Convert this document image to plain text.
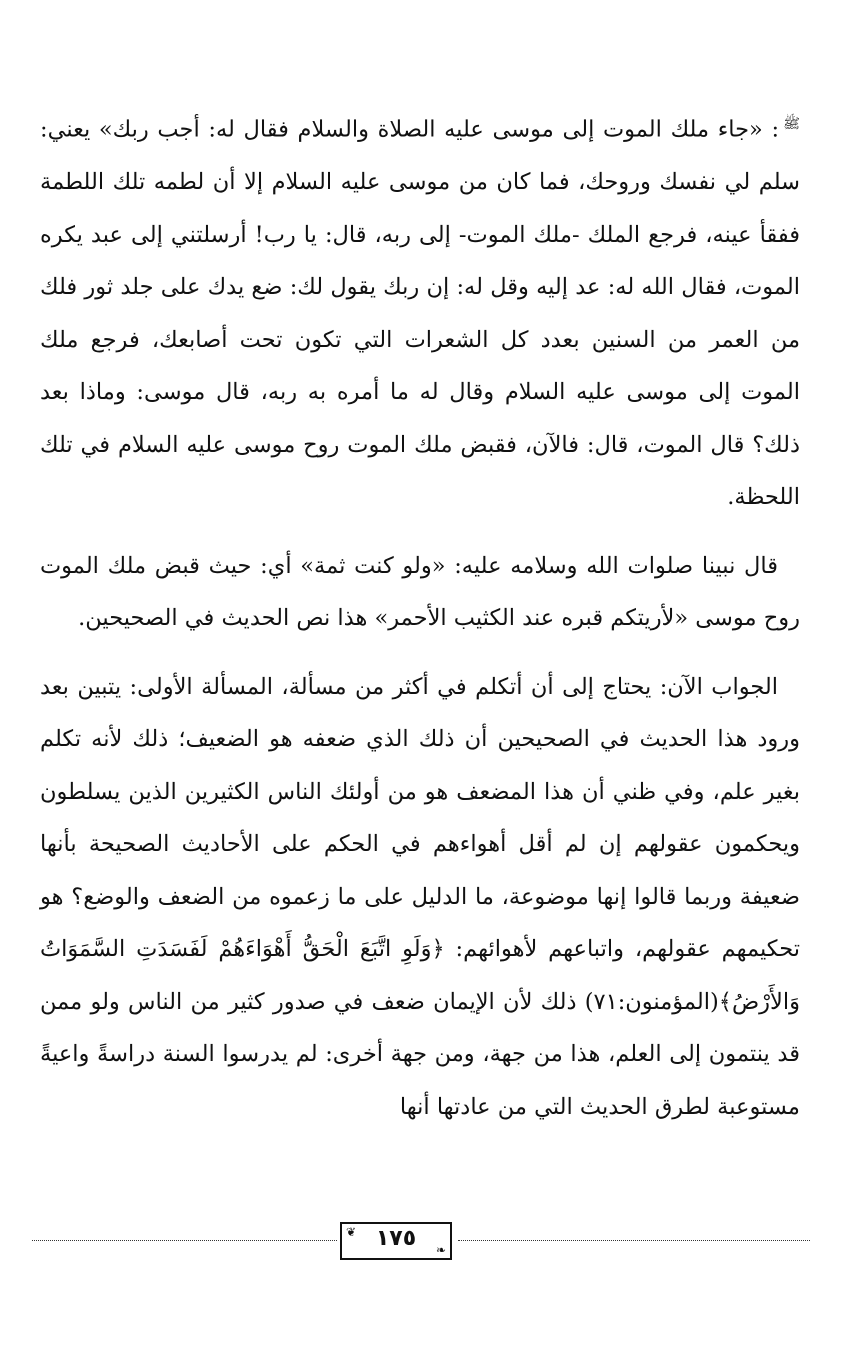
$^ﷺ$: «جاء ملك الموت إلى موسى عليه الصلاة والسلام فقال له: أجب ربك» يعني: سلم لي نفسك وروحك، فما كان من موسى عليه السلام إلا أن لطمه تلك اللطمة ففقأ عينه، فرجع الملك -ملك الموت- إلى ربه، قال: يا رب! أرسلتني إلى عبد يكره الموت، فقال الله له: عد إليه وقل له: إن ربك يقول لك: ضع يدك على جلد ثور فلك من العمر من السنين بعدد كل الشعرات التي تكون تحت أصابعك، فرجع ملك الموت إلى موسى عليه السلام وقال له ما أمره به ربه، قال موسى: وماذا بعد ذلك؟ قال الموت، قال: فالآن، فقبض ملك الموت روح موسى عليه السلام في تلك اللحظة.

قال نبينا صلوات الله وسلامه عليه: «ولو كنت ثمة» أي: حيث قبض ملك الموت روح موسى «لأريتكم قبره عند الكثيب الأحمر» هذا نص الحديث في الصحيحين.

الجواب الآن: يحتاج إلى أن أتكلم في أكثر من مسألة، المسألة الأولى: يتبين بعد ورود هذا الحديث في الصحيحين أن ذلك الذي ضعفه هو الضعيف؛ ذلك لأنه تكلم بغير علم، وفي ظني أن هذا المضعف هو من أولئك الناس الكثيرين الذين يسلطون ويحكمون عقولهم إن لم أقل أهواءهم في الحكم على الأحاديث الصحيحة بأنها ضعيفة وربما قالوا إنها موضوعة، ما الدليل على ما زعموه من الضعف والوضع؟ هو تحكيمهم عقولهم، واتباعهم لأهوائهم: ﴿وَلَوِ اتَّبَعَ الْحَقُّ أَهْوَاءَهُمْ لَفَسَدَتِ السَّمَوَاتُ وَالأَرْضُ﴾(المؤمنون:٧١) ذلك لأن الإيمان ضعف في صدور كثير من الناس ولو ممن قد ينتمون إلى العلم، هذا من جهة، ومن جهة أخرى: لم يدرسوا السنة دراسةً واعيةً مستوعبة لطرق الحديث التي من عادتها أنها

❦ ١٧٥	❧
